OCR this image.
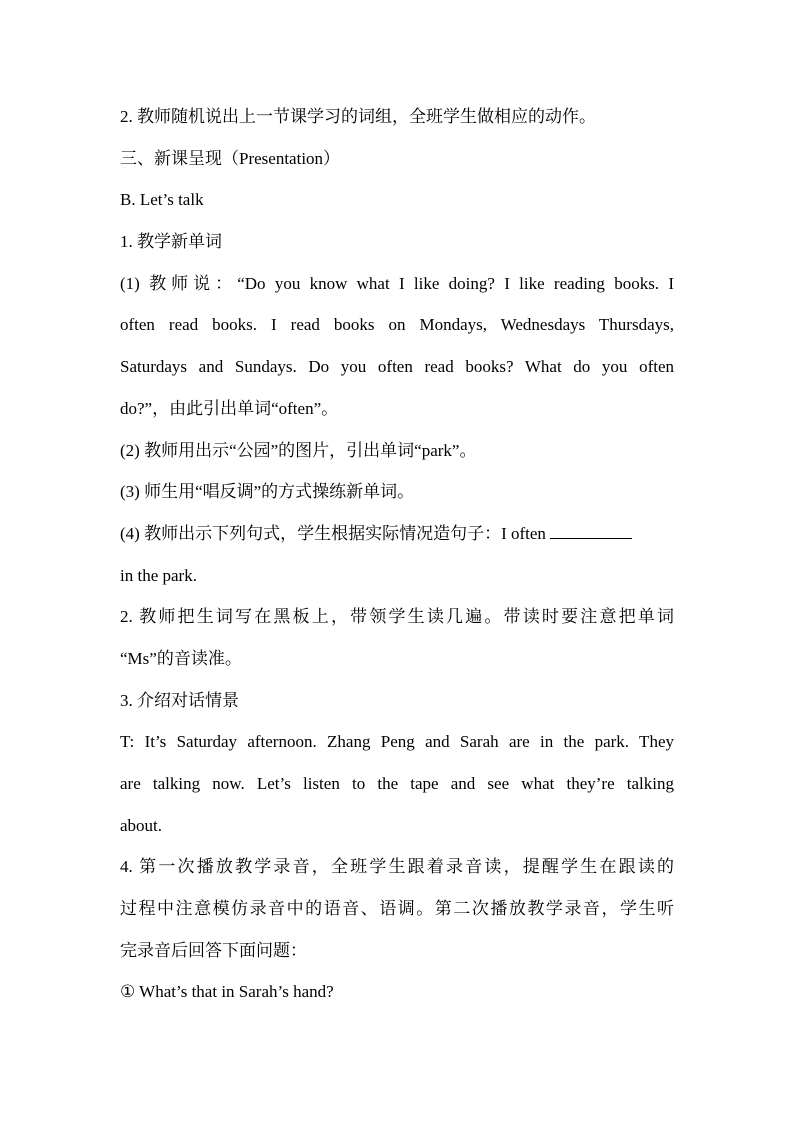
2. 教师随机说出上一节课学习的词组，全班学生做相应的动作。
三、新课呈现（Presentation）
B. Let’s talk
1. 教学新单词
(1) 教师说：“Do you know what I like doing? I like reading books. I
often read books. I read books on Mondays, Wednesdays Thursdays,
Saturdays and Sundays. Do you often read books? What do you often
do?”，由此引出单词“often”。
(2) 教师用出示“公园”的图片，引出单词“park”。
(3) 师生用“唱反调”的方式操练新单词。
(4) 教师出示下列句式，学生根据实际情况造句子：I often
in the park.
2. 教师把生词写在黑板上，带领学生读几遍。带读时要注意把单词
“Ms”的音读准。
3. 介绍对话情景
T: It’s Saturday afternoon. Zhang Peng and Sarah are in the park. They
are talking now. Let’s listen to the tape and see what they’re talking
about.
4. 第一次播放教学录音，全班学生跟着录音读，提醒学生在跟读的
过程中注意模仿录音中的语音、语调。第二次播放教学录音，学生听
完录音后回答下面问题：
① What’s that in Sarah’s hand?
